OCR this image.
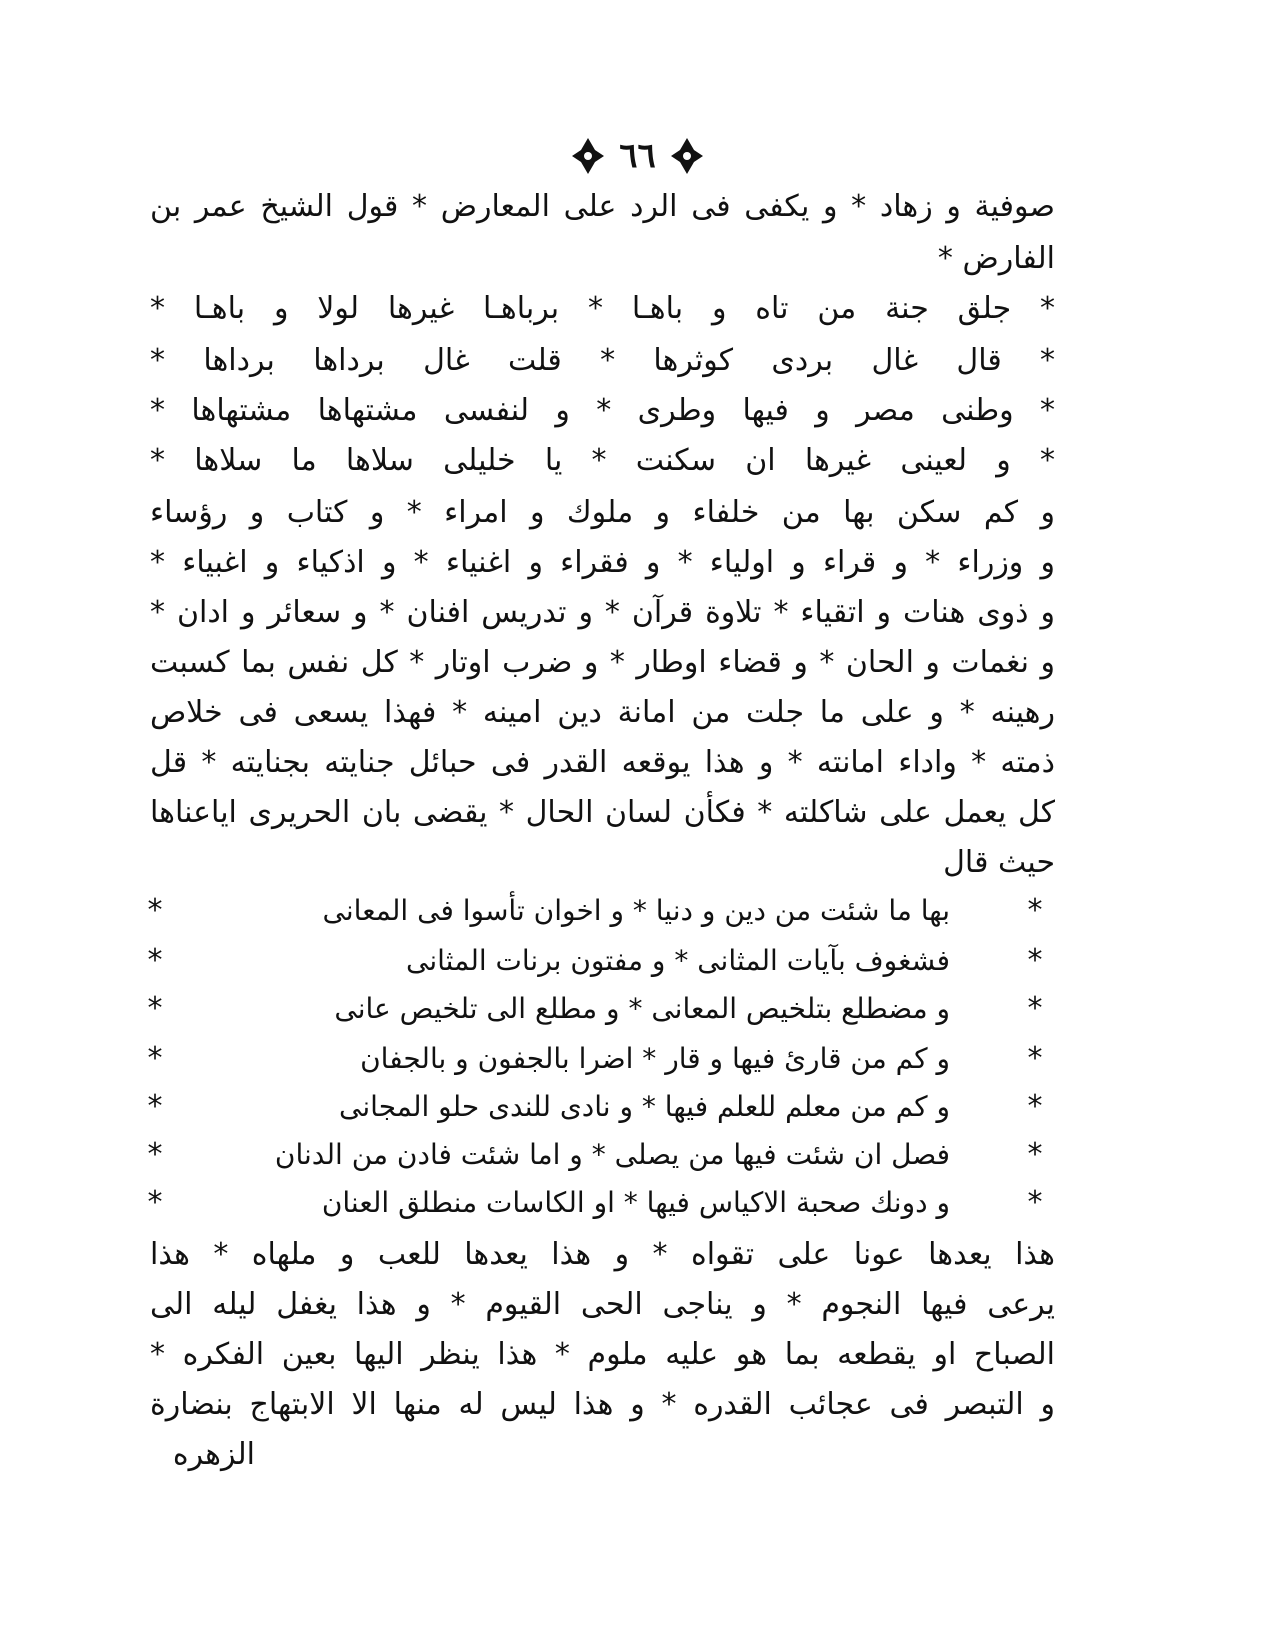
٦٦
صوفية و زهاد * و يكفى فى الرد على المعارض * قول الشيخ عمر بن
الفارض *
* جلق جنة من تاه و باهـا * برباهـا غيرها لولا و باهـا *
* قال غال بردى كوثرها * قلت غال برداها برداها *
* وطنى مصر و فيها وطرى * و لنفسى مشتهاها مشتهاها *
* و لعينى غيرها ان سكنت * يا خليلى سلاها ما سلاها *
و كم سكن بها من خلفاء و ملوك و امراء * و كتاب و رؤساء
و وزراء * و قراء و اولياء * و فقراء و اغنياء * و اذكياء و اغبياء *
و ذوى هنات و اتقياء * تلاوة قرآن * و تدريس افنان * و سعائر و ادان *
و نغمات و الحان * و قضاء اوطار * و ضرب اوتار * كل نفس بما كسبت
رهينه * و على ما جلت من امانة دين امينه * فهذا يسعى فى خلاص
ذمته * واداء امانته * و هذا يوقعه القدر فى حبائل جنايته بجنايته * قل
كل يعمل على شاكلته * فكأن لسان الحال * يقضى بان الحريرى اياعناها
حيث قال
*	بها ما شئت من دين و دنيا * و اخوان تأسوا فى المعانى	*
*	فشغوف بآيات المثانى * و مفتون برنات المثانى	*
*	و مضطلع بتلخيص المعانى * و مطلع الى تلخيص عانى	*
*	و كم من قارئ فيها و قار * اضرا بالجفون و بالجفان	*
*	و كم من معلم للعلم فيها * و نادى للندى حلو المجانى	*
*	فصل ان شئت فيها من يصلى * و اما شئت فادن من الدنان	*
*	و دونك صحبة الاكياس فيها * او الكاسات منطلق العنان	*
هذا يعدها عونا على تقواه * و هذا يعدها للعب و ملهاه * هذا
يرعى فيها النجوم * و يناجى الحى القيوم * و هذا يغفل ليله الى
الصباح او يقطعه بما هو عليه ملوم * هذا ينظر اليها بعين الفكره *
و التبصر فى عجائب القدره * و هذا ليس له منها الا الابتهاج بنضارة
الزهره
